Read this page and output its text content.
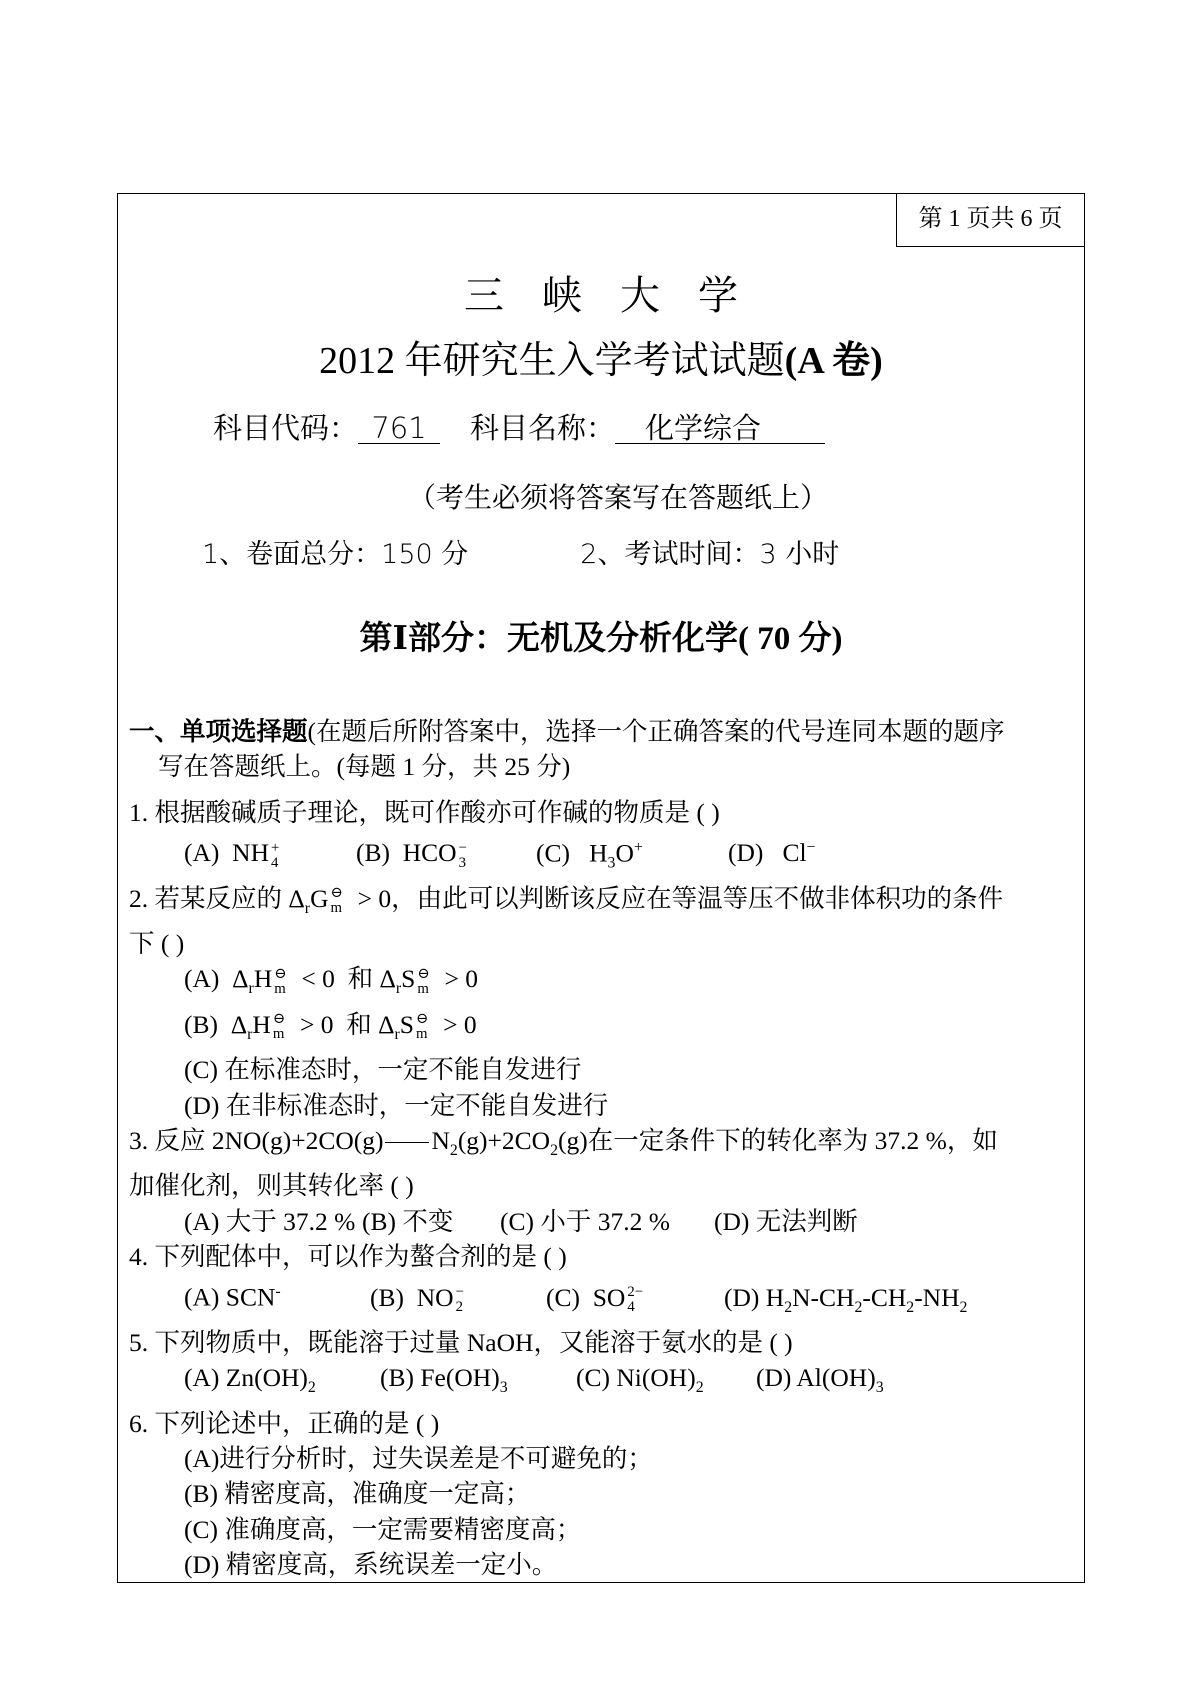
第 1 页共 6 页
三峡大学
2012 年研究生入学考试试题(A 卷)
科目代码： 761 科目名称： 化学综合
（考生必须将答案写在答题纸上）
1、卷面总分：150 分	2、考试时间：3 小时
第Ⅰ部分：无机及分析化学( 70 分)

一、单项选择题(在题后所附答案中，选择一个正确答案的代号连同本题的题序

写在答题纸上。(每题 1 分，共 25 分)

1. 根据酸碱质子理论，既可作酸亦可作碱的物质是 ( )

(A)  NH +
4	(B)  HCO −
3	(C)   $H_3O^+$	(D)   Cl−

2. 若某反应的 $\Delta_rG$ ⊖
m > 0，由此可以判断该反应在等温等压不做非体积功的条件

下 ( )

(A)  $\Delta_rH$ ⊖
m < 0  和 $\Delta_rS$ ⊖
m > 0

(B)  $\Delta_rH$ ⊖
m > 0  和 $\Delta_rS$ ⊖
m > 0

(C) 在标准态时，一定不能自发进行

(D) 在非标准态时，一定不能自发进行

3. 反应 2NO(g)+2CO(g) $N_2(g)+2CO_2(g)$在一定条件下的转化率为 37.2 %，如

加催化剂，则其转化率 ( )

(A) 大于 37.2 % (B) 不变 (C) 小于 37.2 % (D) 无法判断

4. 下列配体中，可以作为螯合剂的是 ( )

(A) SCN-	(B)  NO −
2	(C)  SO 2−
4	(D) $H_2N-CH_2-CH_2-NH_2$

5. 下列物质中，既能溶于过量 NaOH，又能溶于氨水的是 ( )

(A) $Zn(OH)_2$	(B) $Fe(OH)_3$	(C) $Ni(OH)_2$ (D) $Al(OH)_3$

6. 下列论述中，正确的是 ( )

(A)进行分析时，过失误差是不可避免的；

(B) 精密度高，准确度一定高；

(C) 准确度高，一定需要精密度高；

(D) 精密度高，系统误差一定小。
